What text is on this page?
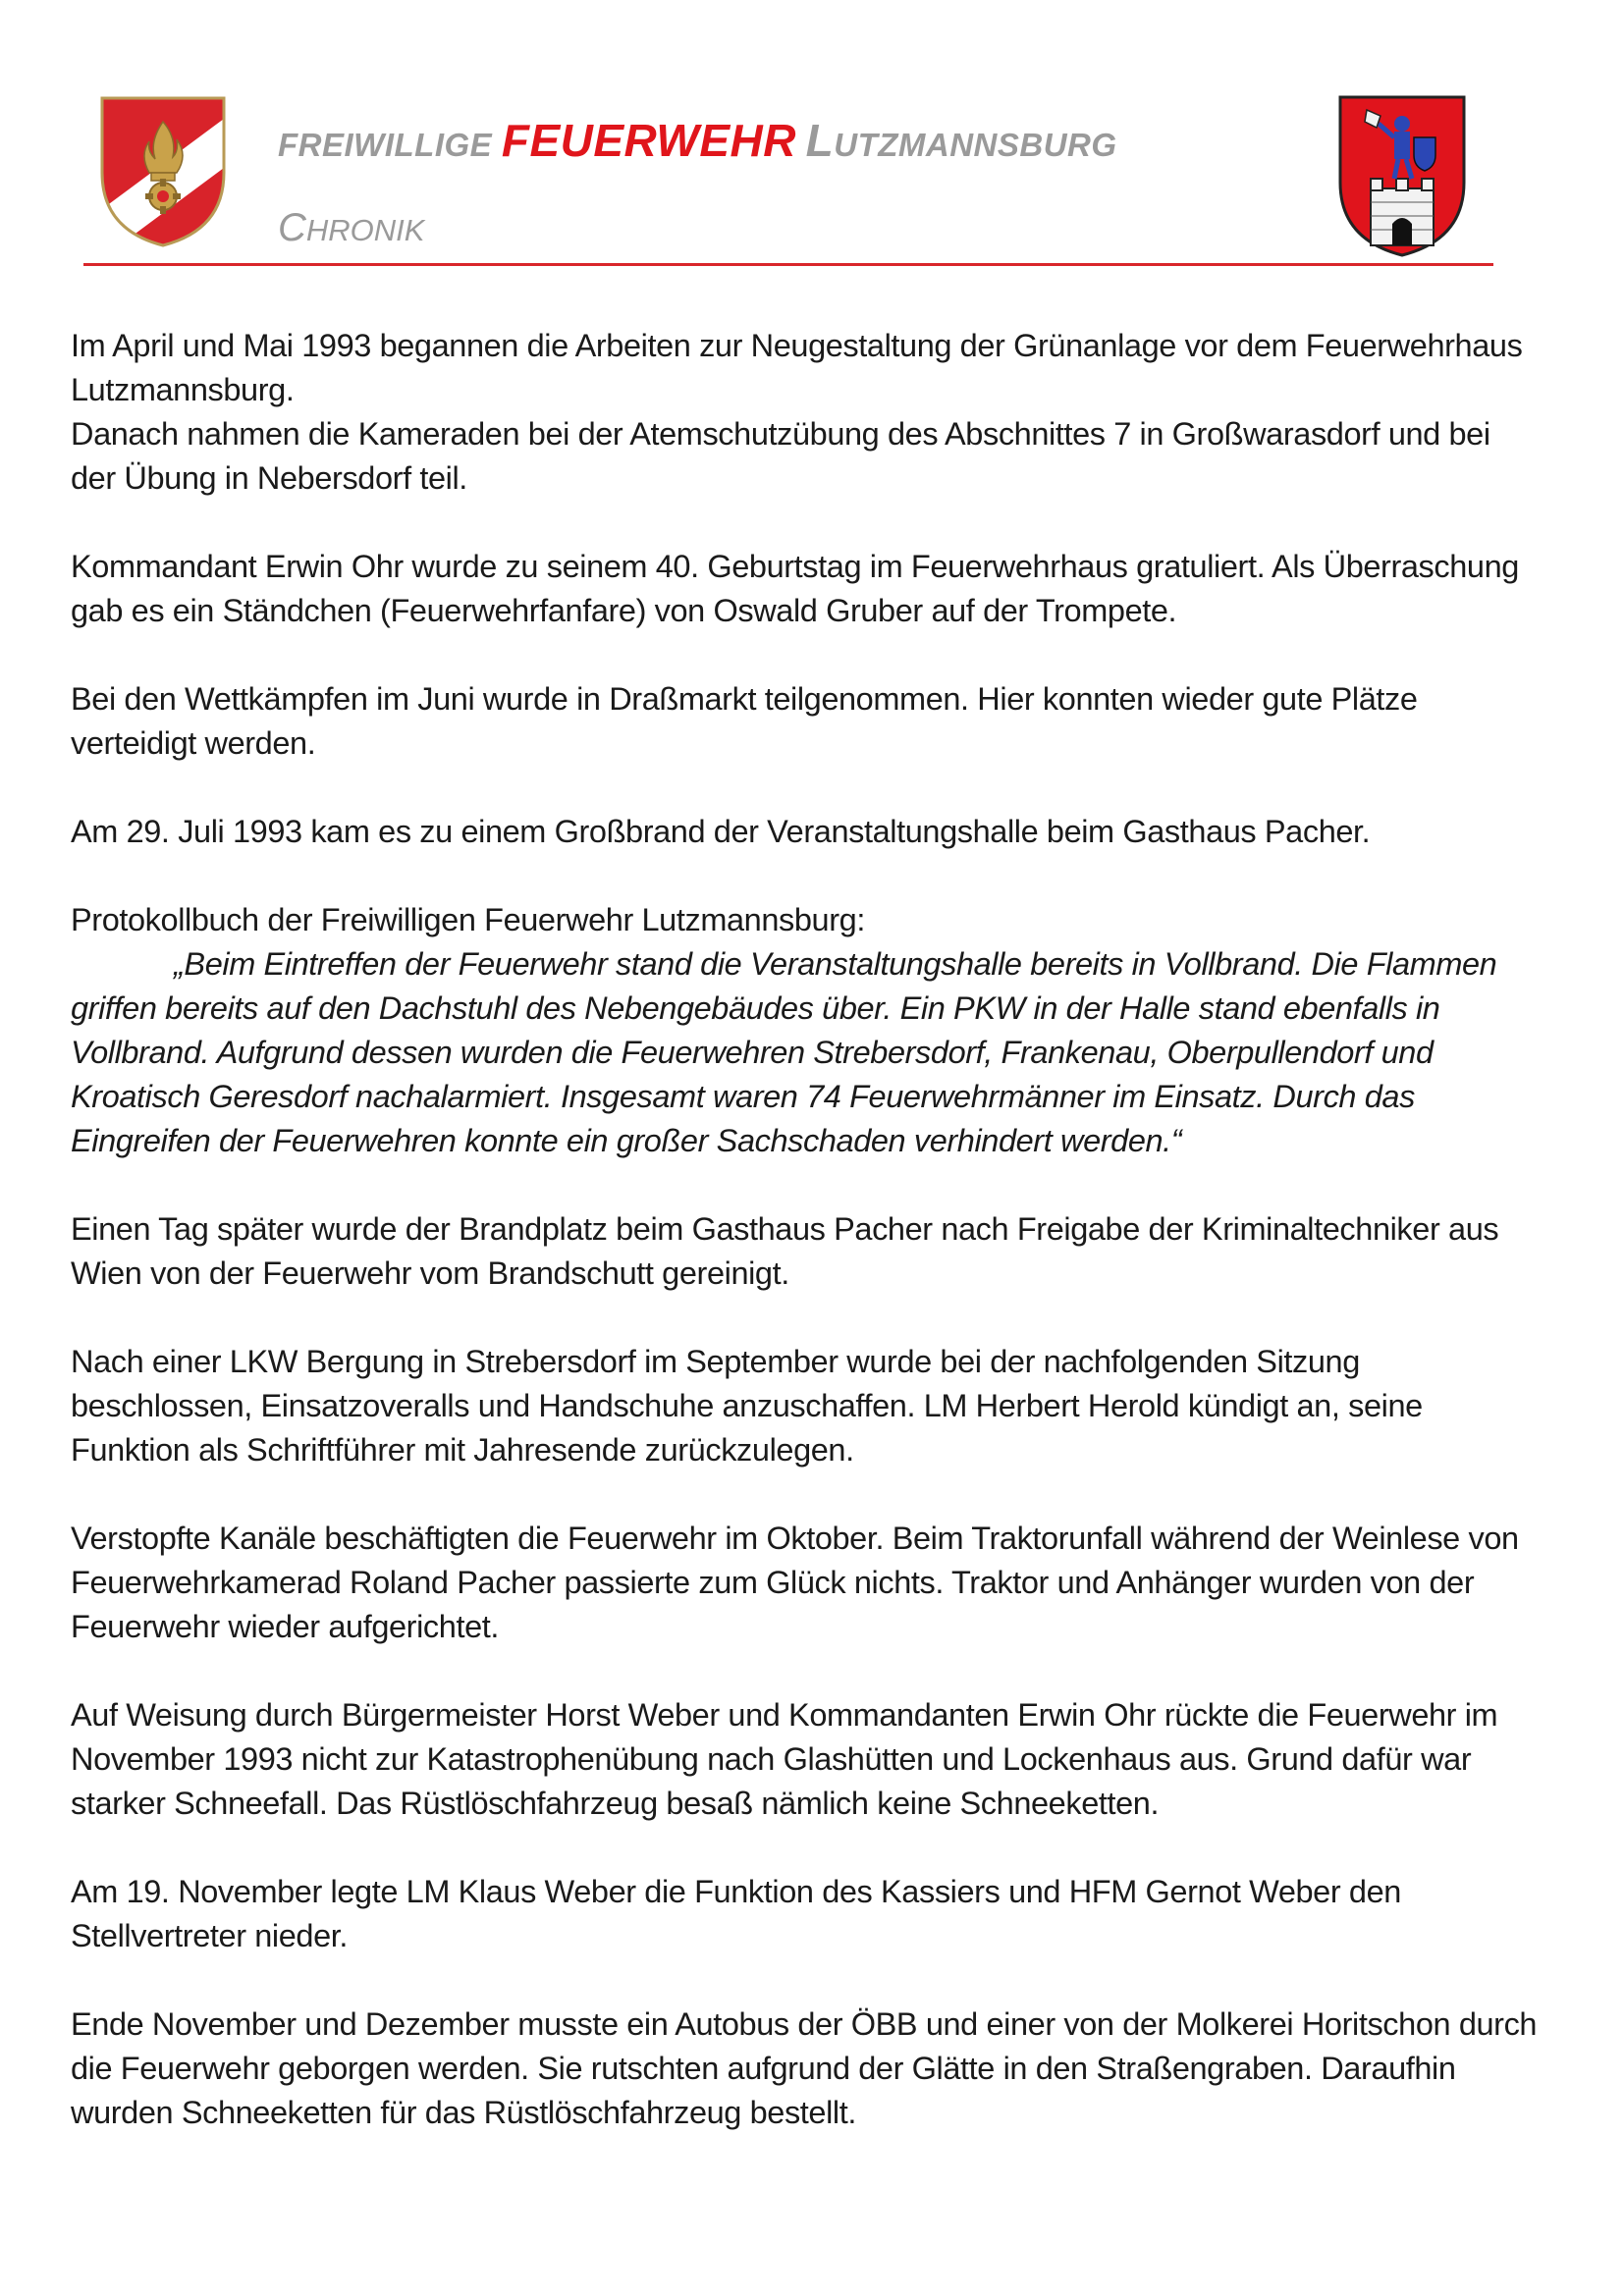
FREIWILLIGE FEUERWEHR LUTZMANNSBURG
CHRONIK

Im April und Mai 1993 begannen die Arbeiten zur Neugestaltung der Grünanlage vor dem Feuerwehrhaus Lutzmannsburg.
Danach nahmen die Kameraden bei der Atemschutzübung des Abschnittes 7 in Großwarasdorf und bei der Übung in Nebersdorf teil.

Kommandant Erwin Ohr wurde zu seinem 40. Geburtstag im Feuerwehrhaus gratuliert. Als Überraschung gab es ein Ständchen (Feuerwehrfanfare) von Oswald Gruber auf der Trompete.

Bei den Wettkämpfen im Juni wurde in Draßmarkt teilgenommen. Hier konnten wieder gute Plätze verteidigt werden.

Am 29. Juli 1993 kam es zu einem Großbrand der Veranstaltungshalle beim Gasthaus Pacher.

Protokollbuch der Freiwilligen Feuerwehr Lutzmannsburg:

„Beim Eintreffen der Feuerwehr stand die Veranstaltungshalle bereits in Vollbrand. Die Flammen griffen bereits auf den Dachstuhl des Nebengebäudes über. Ein PKW in der Halle stand ebenfalls in Vollbrand. Aufgrund dessen wurden die Feuerwehren Strebersdorf, Frankenau, Oberpullendorf und Kroatisch Geresdorf nachalarmiert. Insgesamt waren 74 Feuerwehrmänner im Einsatz. Durch das Eingreifen der Feuerwehren konnte ein großer Sachschaden verhindert werden.“

Einen Tag später wurde der Brandplatz beim Gasthaus Pacher nach Freigabe der Kriminaltechniker aus Wien von der Feuerwehr vom Brandschutt gereinigt.

Nach einer LKW Bergung in Strebersdorf im September wurde bei der nachfolgenden Sitzung beschlossen, Einsatzoveralls und Handschuhe anzuschaffen. LM Herbert Herold kündigt an, seine Funktion als Schriftführer mit Jahresende zurückzulegen.

Verstopfte Kanäle beschäftigten die Feuerwehr im Oktober. Beim Traktorunfall während der Weinlese von Feuerwehrkamerad Roland Pacher passierte zum Glück nichts. Traktor und Anhänger wurden von der Feuerwehr wieder aufgerichtet.

Auf Weisung durch Bürgermeister Horst Weber und Kommandanten Erwin Ohr rückte die Feuerwehr im November 1993 nicht zur Katastrophenübung nach Glashütten und Lockenhaus aus. Grund dafür war starker Schneefall. Das Rüstlöschfahrzeug besaß nämlich keine Schneeketten.

Am 19. November legte LM Klaus Weber die Funktion des Kassiers und HFM Gernot Weber den Stellvertreter nieder.

Ende November und Dezember musste ein Autobus der ÖBB und einer von der Molkerei Horitschon durch die Feuerwehr geborgen werden. Sie rutschten aufgrund der Glätte in den Straßengraben. Daraufhin wurden Schneeketten für das Rüstlöschfahrzeug bestellt.
